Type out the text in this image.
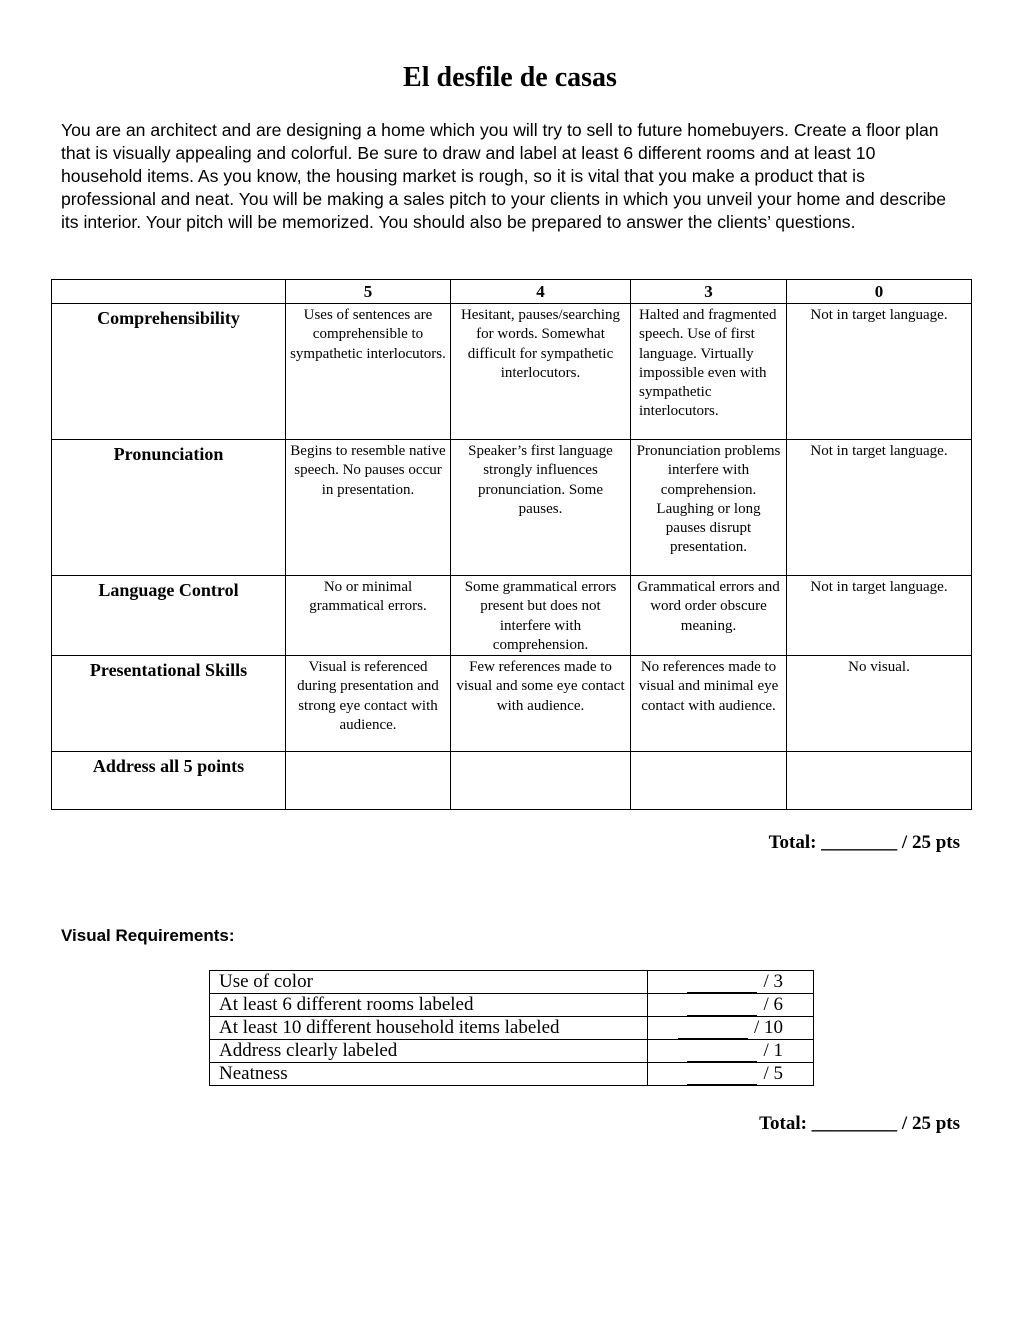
El desfile de casas
You are an architect and are designing a home which you will try to sell to future homebuyers. Create a floor plan that is visually appealing and colorful. Be sure to draw and label at least 6 different rooms and at least 10 household items. As you know, the housing market is rough, so it is vital that you make a product that is professional and neat. You will be making a sales pitch to your clients in which you unveil your home and describe its interior. Your pitch will be memorized. You should also be prepared to answer the clients’ questions.
	5	4	3	0
Comprehensibility	Uses of sentences are comprehensible to sympathetic interlocutors.	Hesitant, pauses/searching for words. Somewhat difficult for sympathetic interlocutors.	Halted and fragmented speech. Use of first language. Virtually impossible even with sympathetic interlocutors.	Not in target language.
Pronunciation	Begins to resemble native speech. No pauses occur in presentation.	Speaker’s first language strongly influences pronunciation. Some pauses.	Pronunciation problems interfere with comprehension. Laughing or long pauses disrupt presentation.	Not in target language.
Language Control	No or minimal grammatical errors.	Some grammatical errors present but does not interfere with comprehension.	Grammatical errors and word order obscure meaning.	Not in target language.
Presentational Skills	Visual is referenced during presentation and strong eye contact with audience.	Few references made to visual and some eye contact with audience.	No references made to visual and minimal eye contact with audience.	No visual.
Address all 5 points				
Total: ________ / 25 pts
Visual Requirements:
Use of color	/ 3
At least 6 different rooms labeled	/ 6
At least 10 different household items labeled	/ 10
Address clearly labeled	/ 1
Neatness	/ 5
Total: _________ / 25 pts
